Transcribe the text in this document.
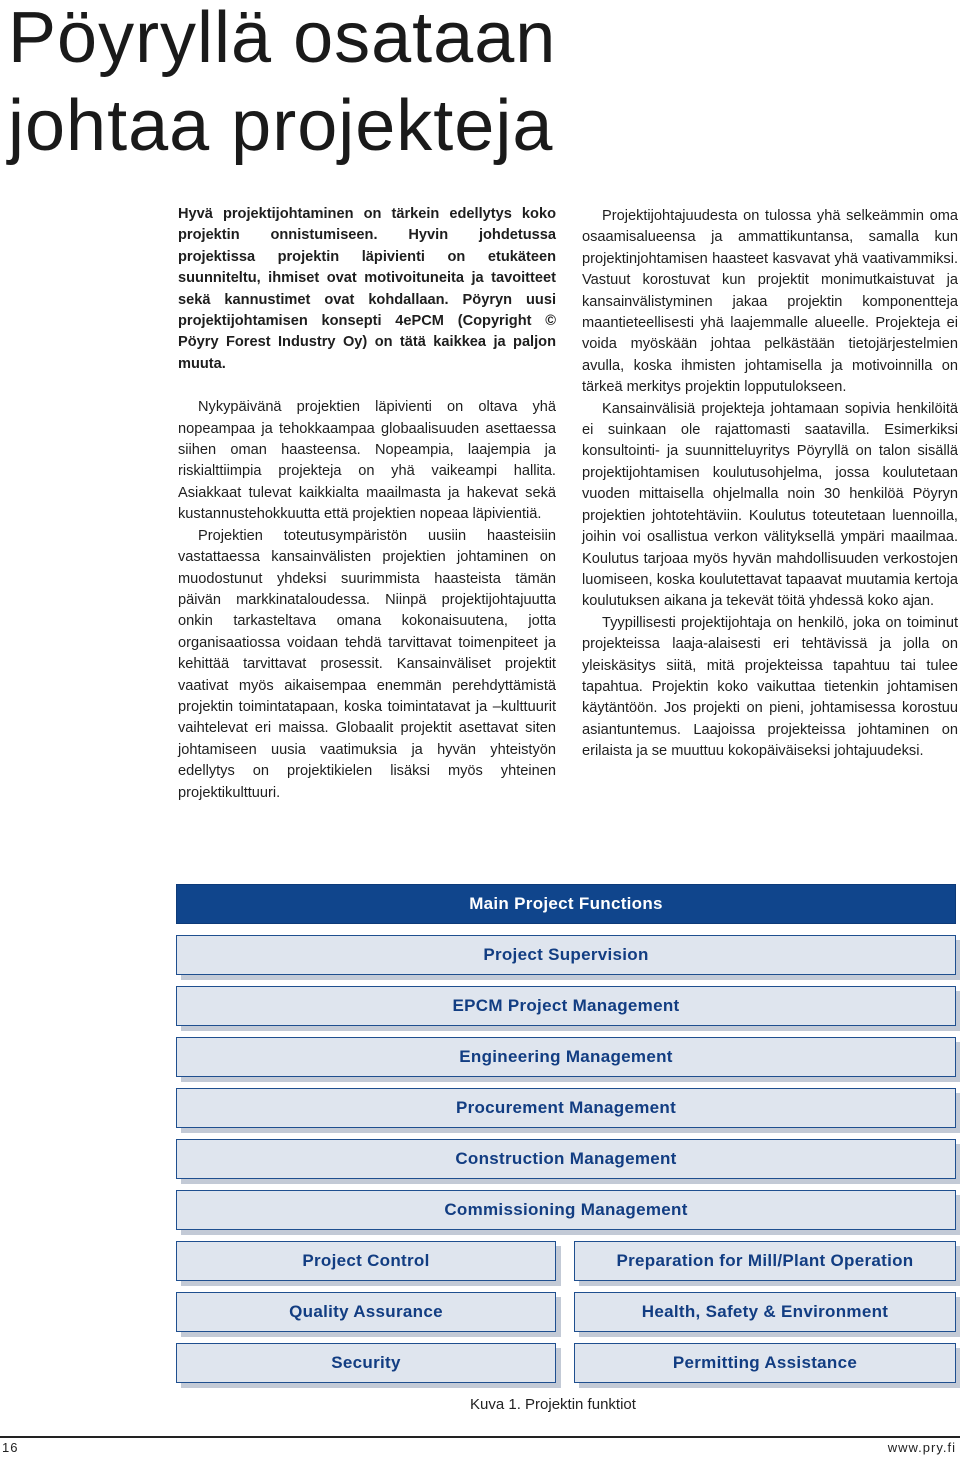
Pöyryllä osataan
johtaa projekteja

Hyvä projektijohtaminen on tärkein edellytys koko projektin onnistumiseen. Hyvin johdetussa projektissa projektin läpivienti on etukäteen suunniteltu, ihmiset ovat motivoituneita ja tavoitteet sekä kannustimet ovat kohdallaan. Pöyryn uusi projektijohtamisen konsepti 4ePCM (Copyright © Pöyry Forest Industry Oy) on tätä kaikkea ja paljon muuta.

Nykypäivänä projektien läpivienti on oltava yhä nopeampaa ja tehokkaampaa globaalisuuden asettaessa siihen oman haasteensa. Nopeampia, laajempia ja riskialttiimpia projekteja on yhä vaikeampi hallita. Asiakkaat tulevat kaikkialta maailmasta ja hakevat sekä kustannustehokkuutta että projektien nopeaa läpivientiä.

Projektien toteutusympäristön uusiin haasteisiin vastattaessa kansainvälisten projektien johtaminen on muodostunut yhdeksi suurimmista haasteista tämän päivän markkinataloudessa. Niinpä projektijohtajuutta onkin tarkasteltava omana kokonaisuutena, jotta organisaatiossa voidaan tehdä tarvittavat toimenpiteet ja kehittää tarvittavat prosessit. Kansainväliset projektit vaativat myös aikaisempaa enemmän perehdyttämistä projektin toimintatapaan, koska toimintatavat ja –kulttuurit vaihtelevat eri maissa. Globaalit projektit asettavat siten johtamiseen uusia vaatimuksia ja hyvän yhteistyön edellytys on projektikielen lisäksi myös yhteinen projektikulttuuri.

Projektijohtajuudesta on tulossa yhä selkeämmin oma osaamisalueensa ja ammattikuntansa, samalla kun projektinjohtamisen haasteet kasvavat yhä vaativammiksi. Vastuut korostuvat kun projektit monimutkaistuvat ja kansainvälistyminen jakaa projektin komponentteja maantieteellisesti yhä laajemmalle alueelle. Projekteja ei voida myöskään johtaa pelkästään tietojärjestelmien avulla, koska ihmisten johtamisella ja motivoinnilla on tärkeä merkitys projektin lopputulokseen.

Kansainvälisiä projekteja johtamaan sopivia henkilöitä ei suinkaan ole rajattomasti saatavilla. Esimerkiksi konsultointi- ja suunnitteluyritys Pöyryllä on talon sisällä projektijohtamisen koulutusohjelma, jossa koulutetaan vuoden mittaisella ohjelmalla noin 30 henkilöä Pöyryn projektien johtotehtäviin. Koulutus toteutetaan luennoilla, joihin voi osallistua verkon välityksellä ympäri maailmaa. Koulutus tarjoaa myös hyvän mahdollisuuden verkostojen luomiseen, koska koulutettavat tapaavat muutamia kertoja koulutuksen aikana ja tekevät töitä yhdessä koko ajan.

Tyypillisesti projektijohtaja on henkilö, joka on toiminut projekteissa laaja-alaisesti eri tehtävissä ja jolla on yleiskäsitys siitä, mitä projekteissa tapahtuu tai tulee tapahtua. Projektin koko vaikuttaa tietenkin johtamisen käytäntöön. Jos projekti on pieni, johtamisessa korostuu asiantuntemus. Laajoissa projekteissa johtaminen on erilaista ja se muuttuu kokopäiväiseksi johtajuudeksi.

Main Project Functions
Project Supervision
EPCM Project Management
Engineering Management
Procurement Management
Construction Management
Commissioning Management
Project Control
Quality Assurance
Security
Preparation for Mill/Plant Operation
Health, Safety & Environment
Permitting Assistance
Kuva 1. Projektin funktiot
16	www.pry.fi
